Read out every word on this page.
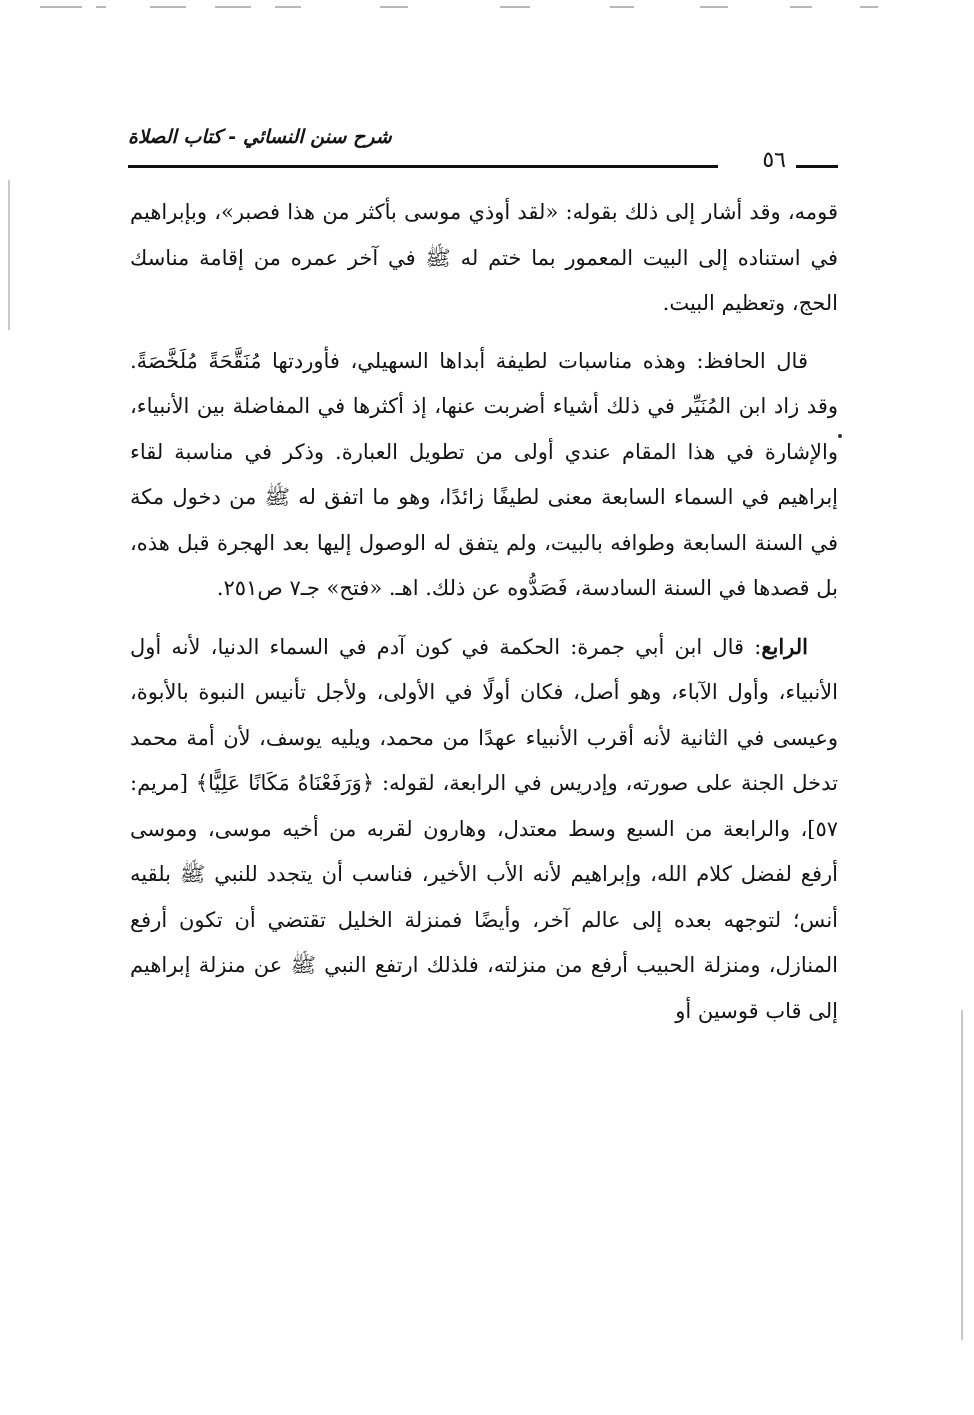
شرح سنن النسائي - كتاب الصلاة
٥٦

قومه، وقد أشار إلى ذلك بقوله: «لقد أوذي موسى بأكثر من هذا فصبر»، وبإبراهيم في استناده إلى البيت المعمور بما ختم له ﷺ في آخر عمره من إقامة مناسك الحج، وتعظيم البيت.

قال الحافظ: وهذه مناسبات لطيفة أبداها السهيلي، فأوردتها مُنَقَّحَةً مُلَخَّصَةً. وقد زاد ابن المُنَيِّر في ذلك أشياء أضربت عنها، إذ أكثرها في المفاضلة بين الأنبياء، والإشارة في هذا المقام عندي أولى من تطويل العبارة. وذكر في مناسبة لقاء إبراهيم في السماء السابعة معنى لطيفًا زائدًا، وهو ما اتفق له ﷺ من دخول مكة في السنة السابعة وطوافه بالبيت، ولم يتفق له الوصول إليها بعد الهجرة قبل هذه، بل قصدها في السنة السادسة، فَصَدُّوه عن ذلك. اهـ. «فتح» جـ٧ ص٢٥١.

الرابع: قال ابن أبي جمرة: الحكمة في كون آدم في السماء الدنيا، لأنه أول الأنبياء، وأول الآباء، وهو أصل، فكان أولًا في الأولى، ولأجل تأنيس النبوة بالأبوة، وعيسى في الثانية لأنه أقرب الأنبياء عهدًا من محمد، ويليه يوسف، لأن أمة محمد تدخل الجنة على صورته، وإدريس في الرابعة، لقوله: ﴿وَرَفَعْنَاهُ مَكَانًا عَلِيًّا﴾ [مريم: ٥٧]، والرابعة من السبع وسط معتدل، وهارون لقربه من أخيه موسى، وموسى أرفع لفضل كلام الله، وإبراهيم لأنه الأب الأخير، فناسب أن يتجدد للنبي ﷺ بلقيه أنس؛ لتوجهه بعده إلى عالم آخر، وأيضًا فمنزلة الخليل تقتضي أن تكون أرفع المنازل، ومنزلة الحبيب أرفع من منزلته، فلذلك ارتفع النبي ﷺ عن منزلة إبراهيم إلى قاب قوسين أو
